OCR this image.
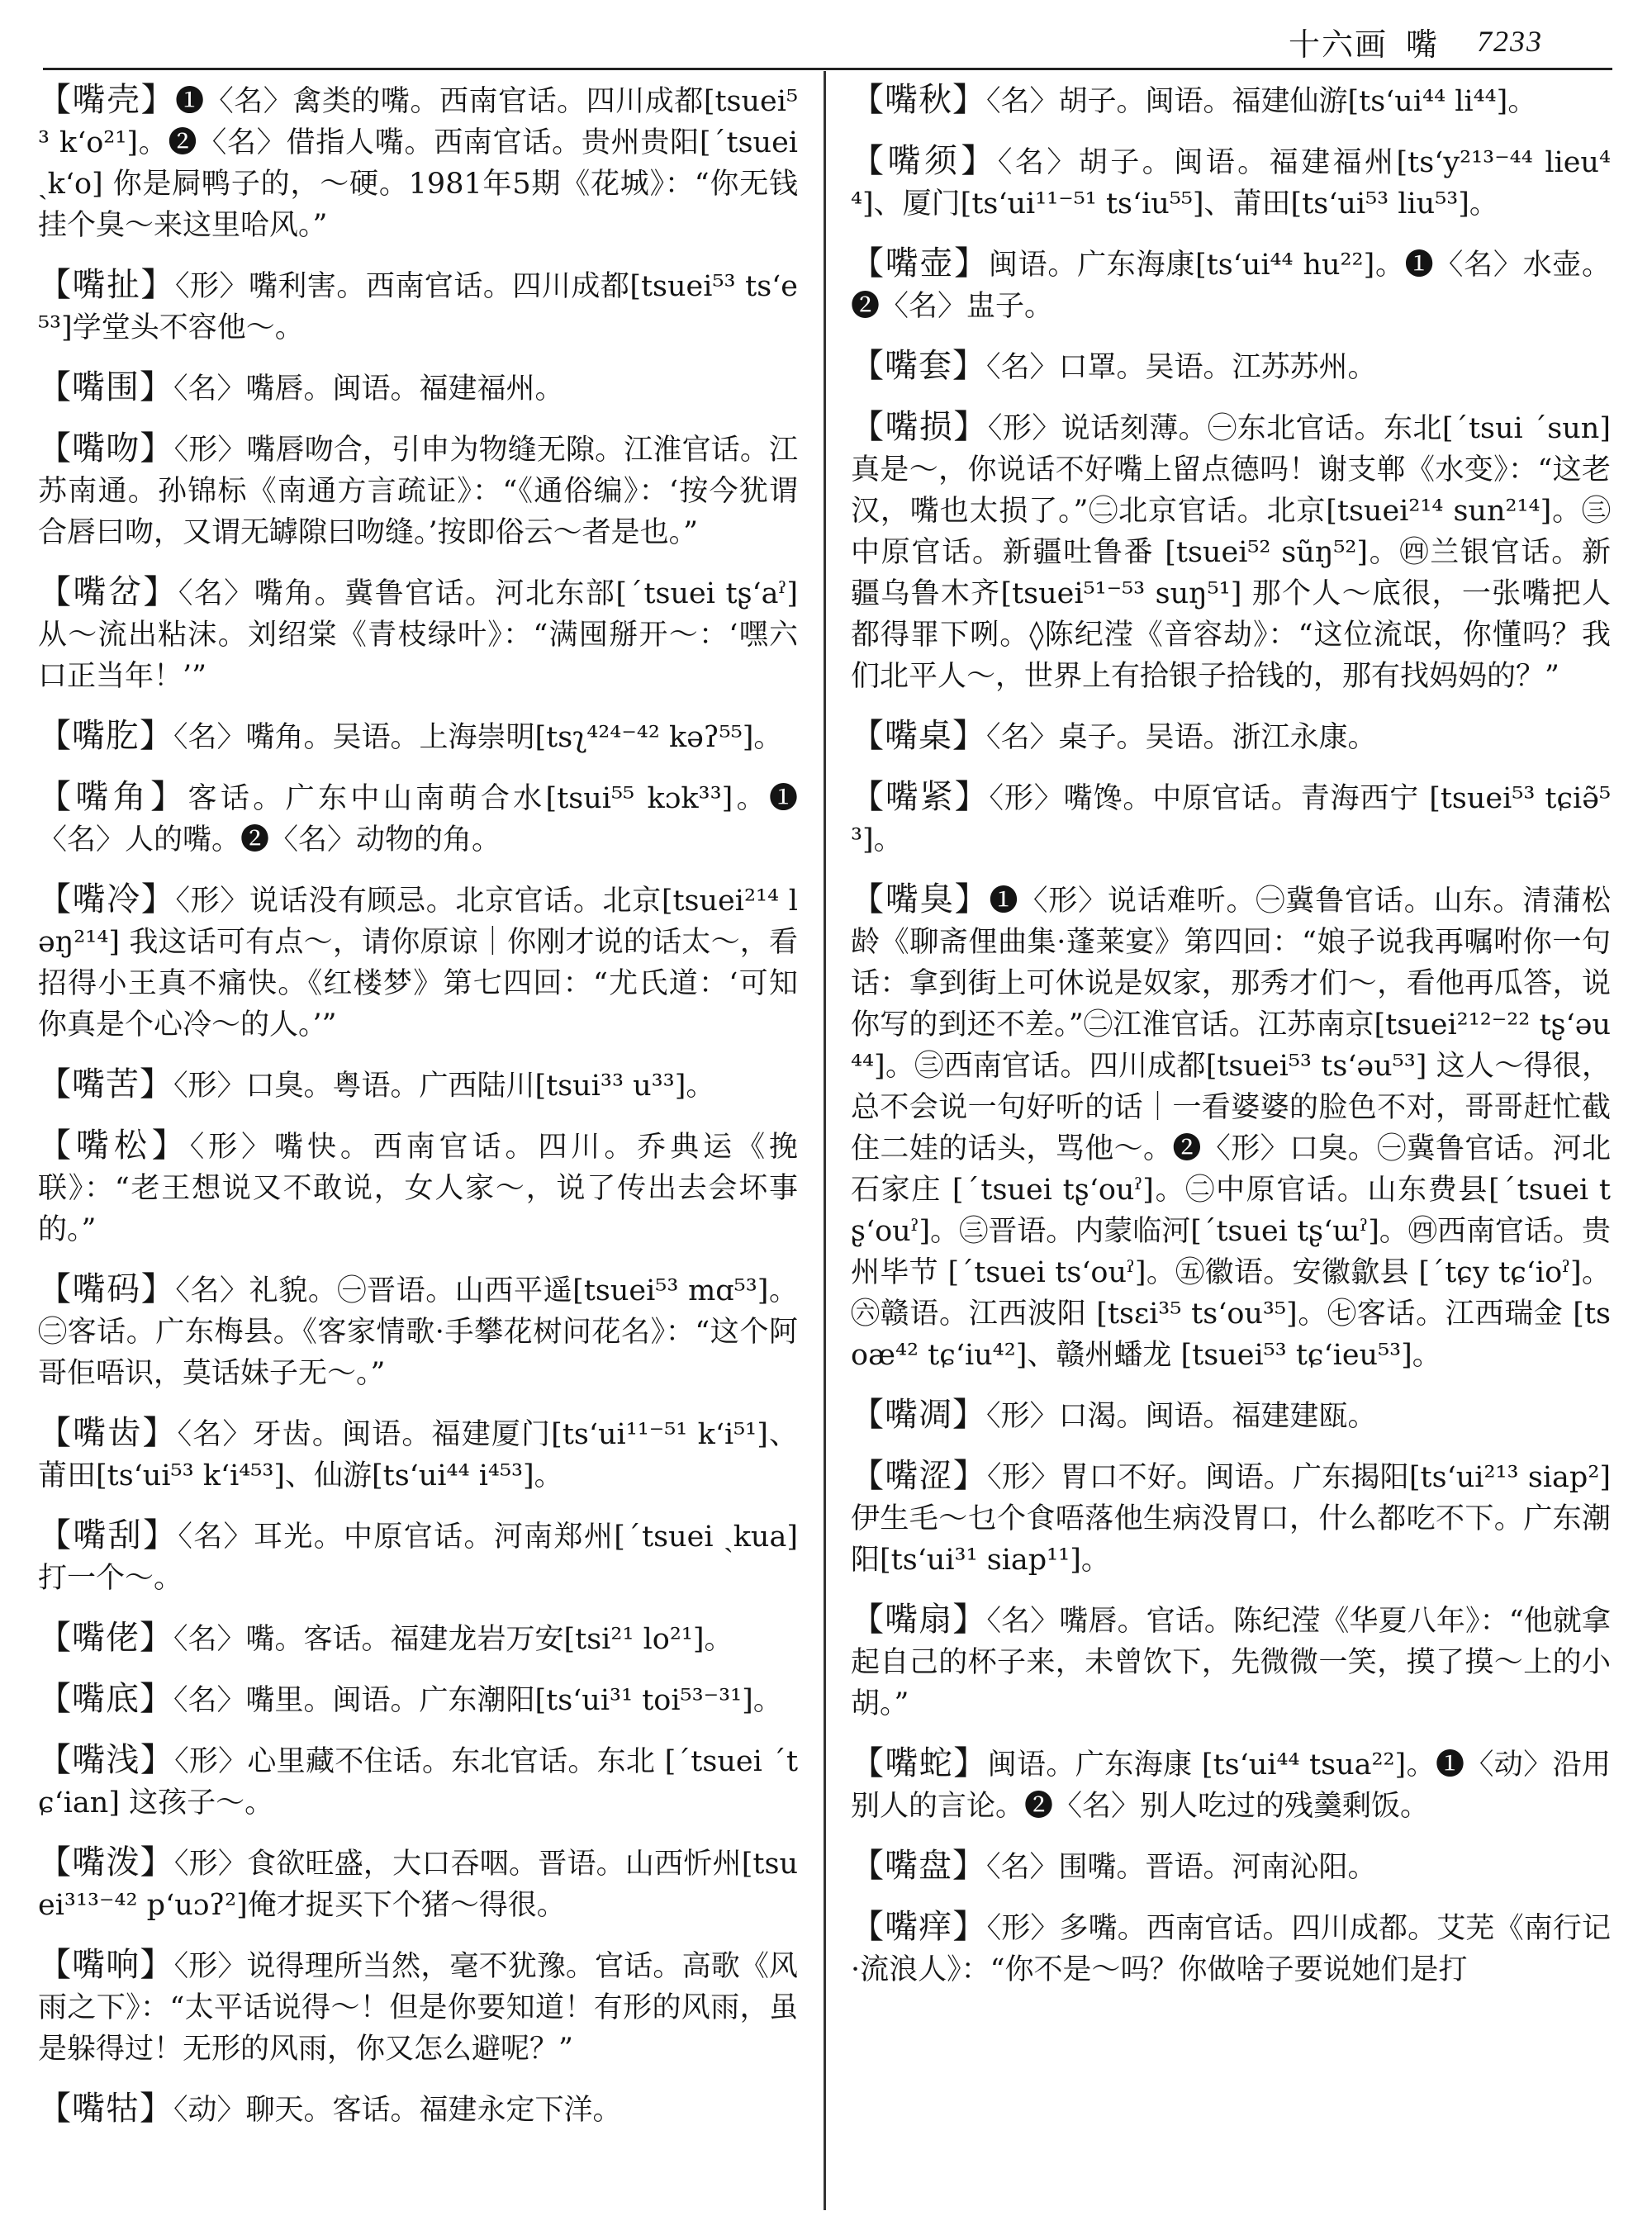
十六画 嘴 7233

【嘴壳】❶〈名〉禽类的嘴。西南官话。四川成都[tsuei⁵³ k‘o²¹]。❷〈名〉借指人嘴。西南官话。贵州贵阳[ˊtsuei ˏk‘o] 你是屙鸭子的，～硬。1981年5期《花城》：“你无钱挂个臭～来这里哈风。”

【嘴扯】〈形〉嘴利害。西南官话。四川成都[tsuei⁵³ ts‘e⁵³]学堂头不容他～。

【嘴围】〈名〉嘴唇。闽语。福建福州。

【嘴吻】〈形〉嘴唇吻合，引申为物缝无隙。江淮官话。江苏南通。孙锦标《南通方言疏证》：“《通俗编》：‘按今犹谓合唇曰吻，又谓无罅隙曰吻缝。’按即俗云～者是也。”

【嘴岔】〈名〉嘴角。冀鲁官话。河北东部[ˊtsuei tʂ‘aˀ]从～流出粘沫。刘绍棠《青枝绿叶》：“满囤掰开～：‘嘿六口正当年！’”

【嘴肐】〈名〉嘴角。吴语。上海崇明[tsʅ⁴²⁴⁻⁴² kəʔ⁵⁵]。

【嘴角】客话。广东中山南萌合水[tsui⁵⁵ kɔk³³]。❶〈名〉人的嘴。❷〈名〉动物的角。

【嘴冷】〈形〉说话没有顾忌。北京官话。北京[tsuei²¹⁴ ləŋ²¹⁴] 我这话可有点～，请你原谅｜你刚才说的话太～，看招得小王真不痛快。《红楼梦》第七四回：“尤氏道：‘可知你真是个心冷～的人。’”

【嘴苦】〈形〉口臭。粤语。广西陆川[tsui³³ u³³]。

【嘴松】〈形〉嘴快。西南官话。四川。乔典运《挽联》：“老王想说又不敢说，女人家～，说了传出去会坏事的。”

【嘴码】〈名〉礼貌。㊀晋语。山西平遥[tsuei⁵³ mɑ⁵³]。㊁客话。广东梅县。《客家情歌·手攀花树问花名》：“这个阿哥佢唔识，莫话妹子无～。”

【嘴齿】〈名〉牙齿。闽语。福建厦门[ts‘ui¹¹⁻⁵¹ k‘i⁵¹]、莆田[ts‘ui⁵³ k‘i⁴⁵³]、仙游[ts‘ui⁴⁴ i⁴⁵³]。

【嘴刮】〈名〉耳光。中原官话。河南郑州[ˊtsuei ˏkua] 打一个～。

【嘴佬】〈名〉嘴。客话。福建龙岩万安[tsi²¹ lo²¹]。

【嘴底】〈名〉嘴里。闽语。广东潮阳[ts‘ui³¹ toi⁵³⁻³¹]。

【嘴浅】〈形〉心里藏不住话。东北官话。东北 [ˊtsuei ˊtɕ‘ian] 这孩子～。

【嘴泼】〈形〉食欲旺盛，大口吞咽。晋语。山西忻州[tsuei³¹³⁻⁴² p‘uɔʔ²]俺才捉买下个猪～得很。

【嘴响】〈形〉说得理所当然，毫不犹豫。官话。高歌《风雨之下》：“太平话说得～！但是你要知道！有形的风雨，虽是躲得过！无形的风雨，你又怎么避呢？”

【嘴牯】〈动〉聊天。客话。福建永定下洋。

【嘴秋】〈名〉胡子。闽语。福建仙游[ts‘ui⁴⁴ li⁴⁴]。

【嘴须】〈名〉胡子。闽语。福建福州[ts‘y²¹³⁻⁴⁴ lieu⁴⁴]、厦门[ts‘ui¹¹⁻⁵¹ ts‘iu⁵⁵]、莆田[ts‘ui⁵³ liu⁵³]。

【嘴壶】闽语。广东海康[ts‘ui⁴⁴ hu²²]。❶〈名〉水壶。❷〈名〉盅子。

【嘴套】〈名〉口罩。吴语。江苏苏州。

【嘴损】〈形〉说话刻薄。㊀东北官话。东北[ˊtsui ˊsun] 真是～，你说话不好嘴上留点德吗！谢支郸《水变》：“这老汉，嘴也太损了。”㊁北京官话。北京[tsuei²¹⁴ sun²¹⁴]。㊂中原官话。新疆吐鲁番 [tsuei⁵² sũŋ⁵²]。㊃兰银官话。新疆乌鲁木齐[tsuei⁵¹⁻⁵³ suŋ⁵¹] 那个人～底很，一张嘴把人都得罪下咧。◊陈纪滢《音容劫》：“这位流氓，你懂吗？我们北平人～，世界上有拾银子拾钱的，那有找妈妈的？”

【嘴桌】〈名〉桌子。吴语。浙江永康。

【嘴紧】〈形〉嘴馋。中原官话。青海西宁 [tsuei⁵³ tɕiə̃⁵³]。

【嘴臭】❶〈形〉说话难听。㊀冀鲁官话。山东。清蒲松龄《聊斋俚曲集·蓬莱宴》第四回：“娘子说我再嘱咐你一句话：拿到街上可休说是奴家，那秀才们～，看他再瓜答，说你写的到还不差。”㊁江淮官话。江苏南京[tsuei²¹²⁻²² tʂ‘əu⁴⁴]。㊂西南官话。四川成都[tsuei⁵³ ts‘əu⁵³] 这人～得很，总不会说一句好听的话｜一看婆婆的脸色不对，哥哥赶忙截住二娃的话头，骂他～。❷〈形〉口臭。㊀冀鲁官话。河北石家庄 [ˊtsuei tʂ‘ouˀ]。㊁中原官话。山东费县[ˊtsuei tʂ‘ouˀ]。㊂晋语。内蒙临河[ˊtsuei tʂ‘ɯˀ]。㊃西南官话。贵州毕节 [ˊtsuei ts‘ouˀ]。㊄徽语。安徽歙县 [ˊtɕy tɕ‘ioˀ]。㊅赣语。江西波阳 [tsɛi³⁵ ts‘ou³⁵]。㊆客话。江西瑞金 [tsoæ⁴² tɕ‘iu⁴²]、赣州蟠龙 [tsuei⁵³ tɕ‘ieu⁵³]。

【嘴凋】〈形〉口渴。闽语。福建建瓯。

【嘴涩】〈形〉胃口不好。闽语。广东揭阳[ts‘ui²¹³ siap²] 伊生毛～乜个食唔落他生病没胃口，什么都吃不下。广东潮阳[ts‘ui³¹ siap¹¹]。

【嘴扇】〈名〉嘴唇。官话。陈纪滢《华夏八年》：“他就拿起自己的杯子来，未曾饮下，先微微一笑，摸了摸～上的小胡。”

【嘴蛇】闽语。广东海康 [ts‘ui⁴⁴ tsua²²]。❶〈动〉沿用别人的言论。❷〈名〉别人吃过的残羹剩饭。

【嘴盘】〈名〉围嘴。晋语。河南沁阳。

【嘴痒】〈形〉多嘴。西南官话。四川成都。艾芜《南行记·流浪人》：“你不是～吗？你做啥子要说她们是打
